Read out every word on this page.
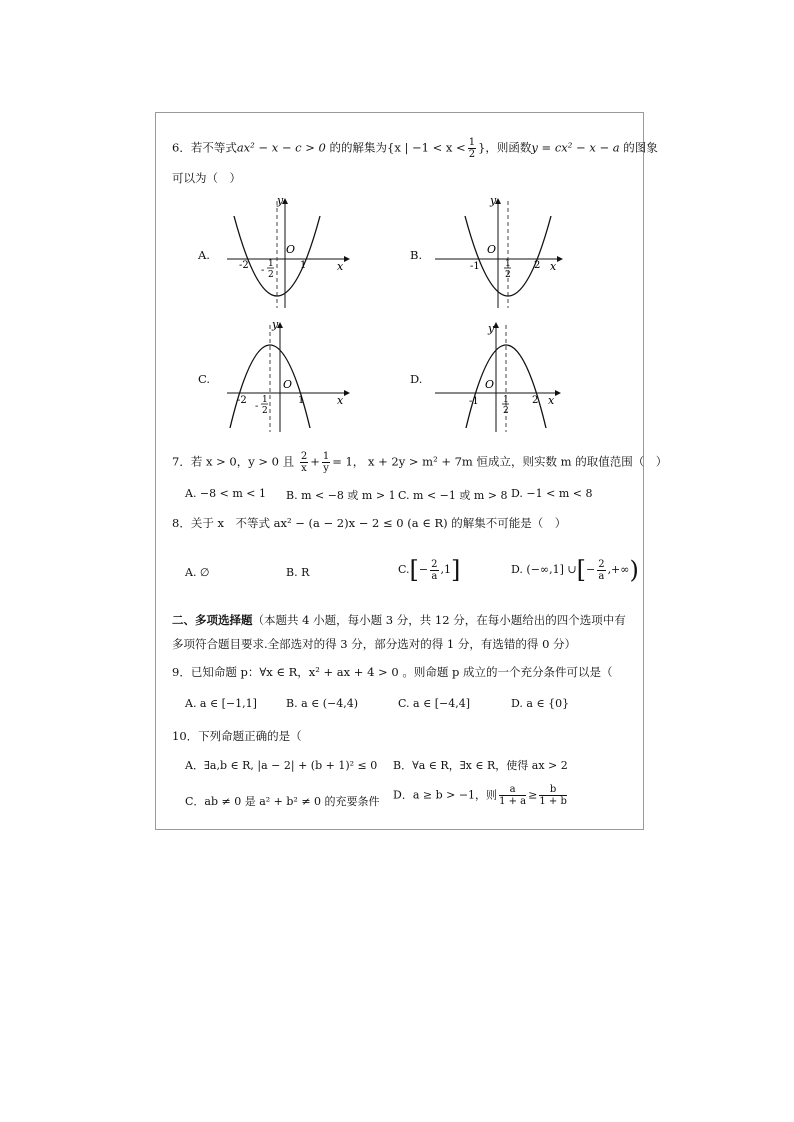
6．若不等式ax² − x − c > 0 的的解集为{x | $-1 < x < \frac{1}{2}$ }，则函数y = cx² − x − a 的图象
可以为（　）
A.
y
x
O
-2 -
1
2
1
B.
y
x
O
-1	1
2
2
C.
y
x
O
-2
-
1
2
1
D.
y
x
O
-1	1
2
2
7．若 x > 0，y > 0 且 $\frac{2}{x} + \frac{1}{y} = 1$， x + 2y > m² + 7m 恒成立，则实数 m 的取值范围（　）
A. −8 < m < 1 B. m < −8 或 m > 1 C. m < −1 或 m > 8 D. −1 < m < 8
8．关于 x　不等式 ax² − (a − 2)x − 2 ≤ 0 (a ∈ R) 的解集不可能是（　）
A. ∅	B. R	$C.[- \frac{2}{a} ,1]$	D. (−∞,1] ∪[− $\frac{2}{a}$ ,+∞)
二、多项选择题（本题共 4 小题，每小题 3 分，共 12 分，在每小题给出的四个选项中有
多项符合题目要求.全部选对的得 3 分，部分选对的得 1 分，有选错的得 0 分）
9．已知命题 p：∀x ∈ R，x² + ax + 4 > 0 。则命题 p 成立的一个充分条件可以是（
A. a ∈ [−1,1]	B. a ∈ (−4,4)	C. a ∈ [−4,4]	D. a ∈ {0}
10．下列命题正确的是（
A．∃a,b ∈ R, |a − 2| + (b + 1)² ≤ 0 B．∀a ∈ R，∃x ∈ R，使得 ax > 2
C．ab ≠ 0 是 a² + b² ≠ 0 的充要条件 D．a ≥ b > −1，则 $\frac{a}{1 + a} \ge \frac{b}{1 + b}$
